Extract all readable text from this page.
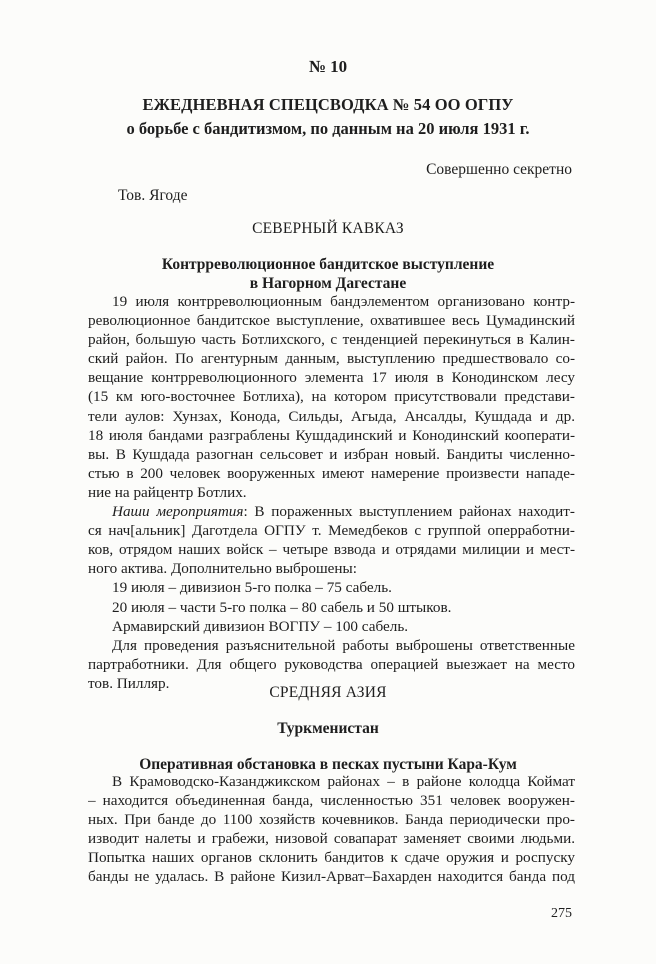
№ 10
ЕЖЕДНЕВНАЯ СПЕЦСВОДКА № 54 ОО ОГПУ
о борьбе с бандитизмом, по данным на 20 июля 1931 г.
Совершенно секретно
Тов. Ягоде
СЕВЕРНЫЙ КАВКАЗ
Контрреволюционное бандитское выступление
в Нагорном Дагестане
19 июля контрреволюционным бандэлементом организовано контр-
революционное бандитское выступление, охватившее весь Цумадинский
район, большую часть Ботлихского, с тенденцией перекинуться в Калин-
ский район. По агентурным данным, выступлению предшествовало со-
вещание контрреволюционного элемента 17 июля в Конодинском лесу
(15 км юго-восточнее Ботлиха), на котором присутствовали представи-
тели аулов: Хунзах, Конода, Сильды, Агыда, Ансалды, Кушдада и др.
18 июля бандами разграблены Кушдадинский и Конодинский кооперати-
вы. В Кушдада разогнан сельсовет и избран новый. Бандиты численно-
стью в 200 человек вооруженных имеют намерение произвести нападе-
ние на райцентр Ботлих.
Наши мероприятия: В пораженных выступлением районах находит-
ся нач[альник] Даготдела ОГПУ т. Мемедбеков с группой оперработни-
ков, отрядом наших войск – четыре взвода и отрядами милиции и мест-
ного актива. Дополнительно выброшены:
19 июля – дивизион 5-го полка – 75 сабель.
20 июля – части 5-го полка – 80 сабель и 50 штыков.
Армавирский дивизион ВОГПУ – 100 сабель.
Для проведения разъяснительной работы выброшены ответственные
партработники. Для общего руководства операцией выезжает на место
тов. Пилляр.
СРЕДНЯЯ АЗИЯ
Туркменистан
Оперативная обстановка в песках пустыни Кара-Кум
В Крамоводско-Казанджикском районах – в районе колодца Коймат
– находится объединенная банда, численностью 351 человек вооружен-
ных. При банде до 1100 хозяйств кочевников. Банда периодически про-
изводит налеты и грабежи, низовой совапарат заменяет своими людьми.
Попытка наших органов склонить бандитов к сдаче оружия и роспуску
банды не удалась. В районе Кизил-Арват–Бахарден находится банда под
275
